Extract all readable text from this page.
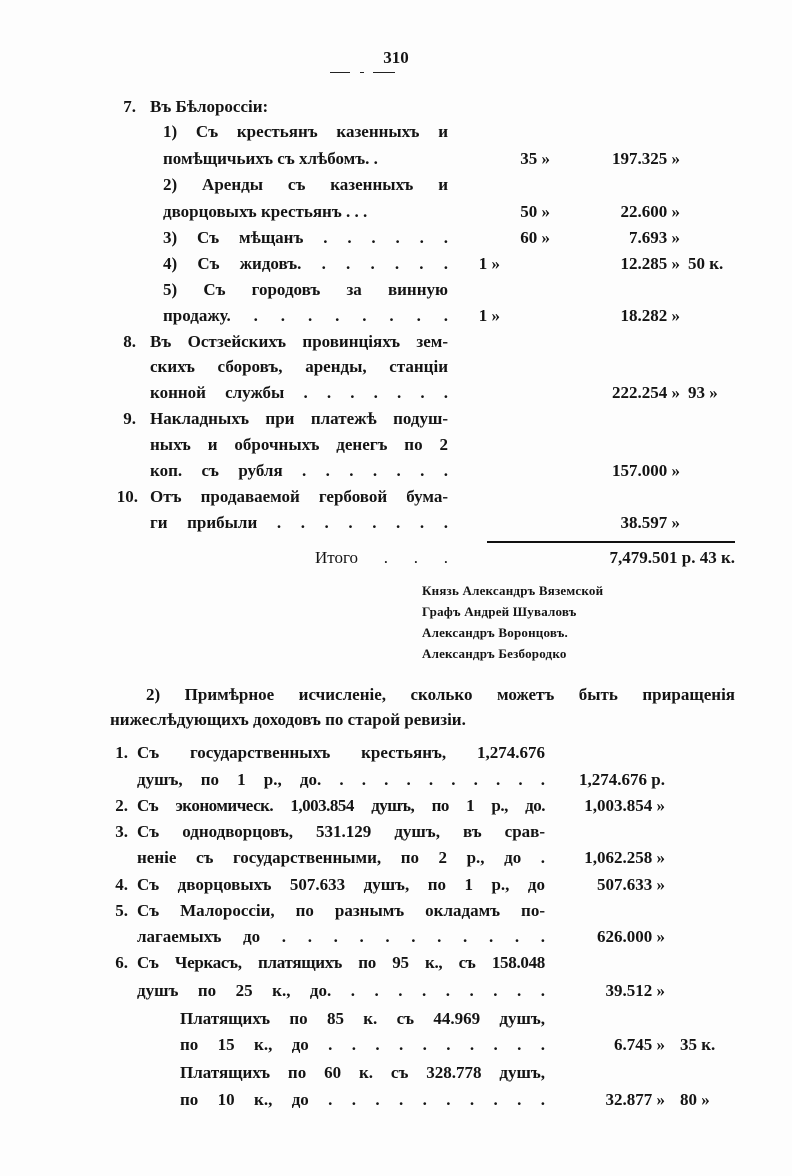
310
7. Въ Бѣлороссіи:
1) Съ крестьянъ казенныхъ и
помѣщичьихъ съ хлѣбомъ. .	35 »	197.325 »
2) Аренды съ казенныхъ и
дворцовыхъ крестьянъ . . .	50 »	22.600 »
3) Съ мѣщанъ . . . . . .	60 »	7.693 »
4) Съ жидовъ. . . . . . .	1 »	12.285 » 50 к.
5) Съ городовъ за винную
продажу. . . . . . . . .	1 »	18.282 »
8. Въ Остзейскихъ провинціяхъ зем-
скихъ сборовъ, аренды, станціи
конной службы . . . . . . .	222.254 » 93 »
9. Накладныхъ при платежѣ подуш-
ныхъ и оброчныхъ денегъ по 2
коп. съ рубля . . . . . . .	157.000 »
10. Отъ продаваемой гербовой бума-
ги прибыли . . . . . . . .	38.597 »
Итого . . .	7,479.501 р. 43 к.
Князь Александръ Вяземской
Графъ Андрей Шуваловъ
Александръ Воронцовъ.
Александръ Безбородко
2) Примѣрное исчисленіе, сколько можетъ быть приращенія
нижеслѣдующихъ доходовъ по старой ревизіи.
1. Съ государственныхъ крестьянъ, 1,274.676
душъ, по 1 р., до. . . . . . . . . . .	1,274.676 р.
2. Съ экономическ. 1,003.854 душъ, по 1 р., до.	1,003.854 »
3. Съ однодворцовъ, 531.129 душъ, въ срав-
неніе съ государственными, по 2 р., до .	1,062.258 »
4. Съ дворцовыхъ 507.633 душъ, по 1 р., до	507.633 »
5. Съ Малороссіи, по разнымъ окладамъ по-
лагаемыхъ до . . . . . . . . . . .	626.000 »
6. Съ Черкасъ, платящихъ по 95 к., съ 158.048
душъ по 25 к., до. . . . . . . . . .	39.512 »
Платящихъ по 85 к. съ 44.969 душъ,
по 15 к., до . . . . . . . . . .	6.745 » 35 к.
Платящихъ по 60 к. съ 328.778 душъ,
по 10 к., до . . . . . . . . . .	32.877 » 80 »
